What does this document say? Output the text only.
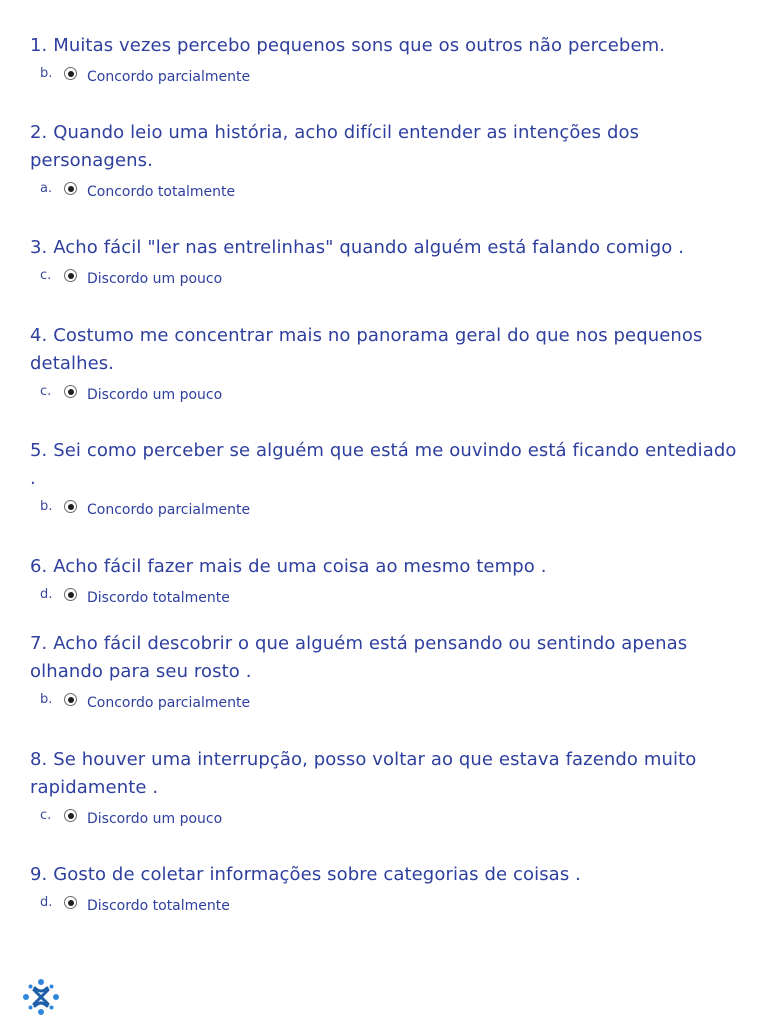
1. Muitas vezes percebo pequenos sons que os outros não percebem.
b. Concordo parcialmente
2. Quando leio uma história, acho difícil entender as intenções dos personagens.
a. Concordo totalmente
3. Acho fácil "ler nas entrelinhas" quando alguém está falando comigo .
c.	Discordo um pouco
4. Costumo me concentrar mais no panorama geral do que nos pequenos detalhes.
c.	Discordo um pouco
5. Sei como perceber se alguém que está me ouvindo está ficando entediado .
b. Concordo parcialmente
6. Acho fácil fazer mais de uma coisa ao mesmo tempo .
d. Discordo totalmente
7. Acho fácil descobrir o que alguém está pensando ou sentindo apenas olhando para seu rosto .
b. Concordo parcialmente
8. Se houver uma interrupção, posso voltar ao que estava fazendo muito rapidamente .
c.	Discordo um pouco
9. Gosto de coletar informações sobre categorias de coisas .
d. Discordo totalmente
